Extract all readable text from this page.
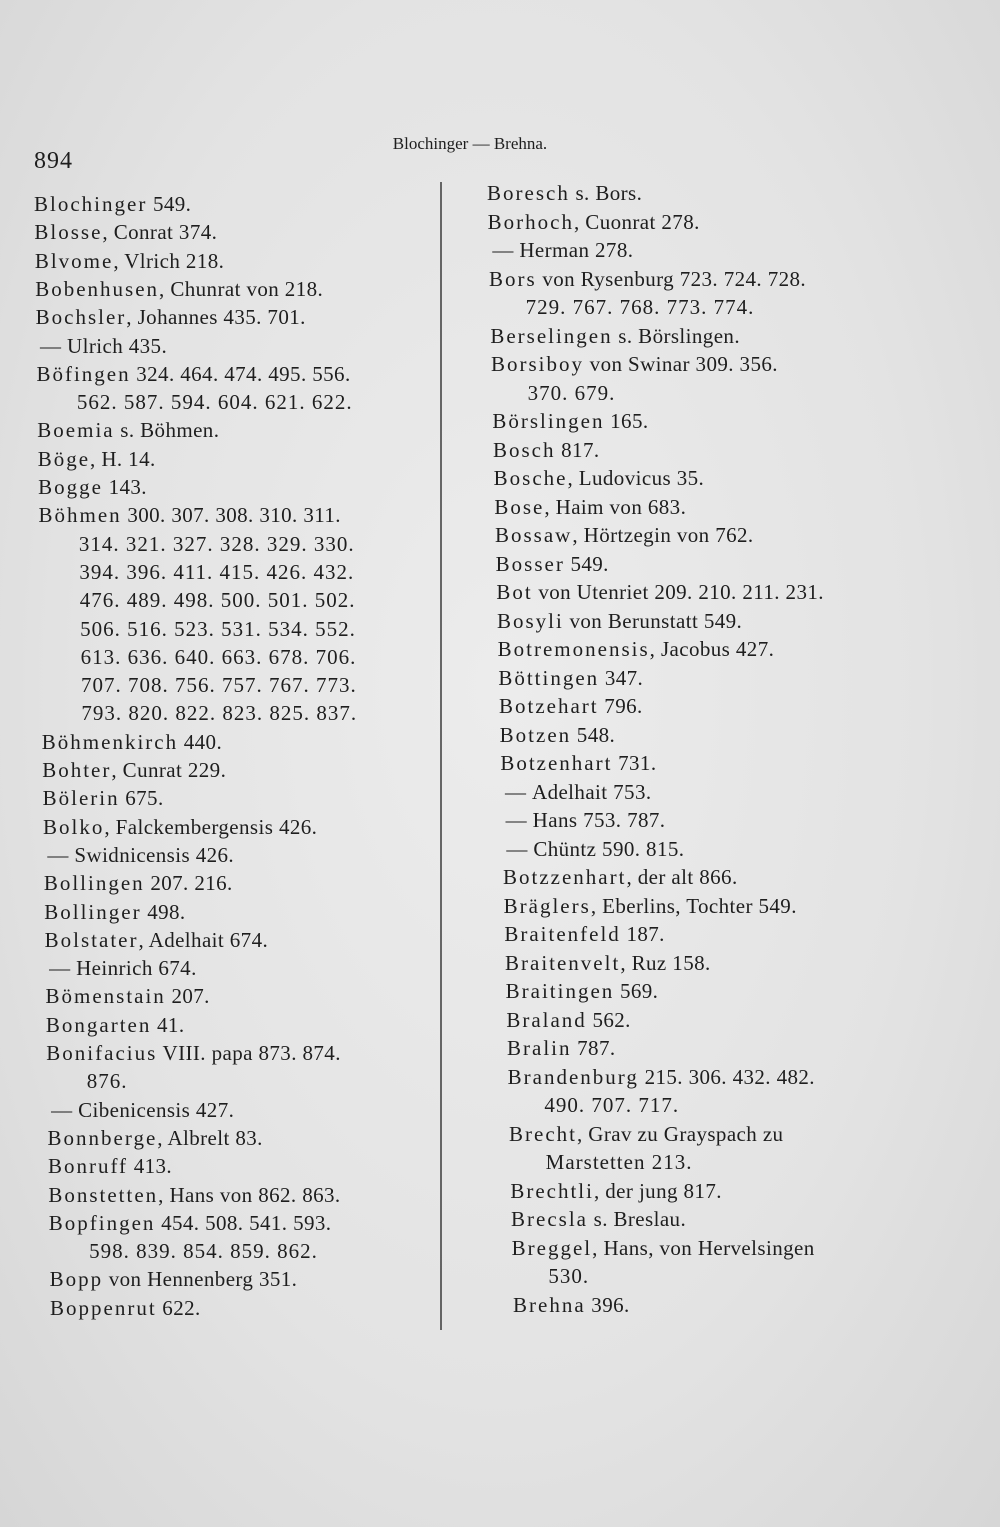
894
Blochinger — Brehna.
Blochinger 549.
Blosse, Conrat 374.
Blvome, Vlrich 218.
Bobenhusen, Chunrat von 218.
Bochsler, Johannes 435. 701.
— Ulrich 435.
Böfingen 324. 464. 474. 495. 556.
562. 587. 594. 604. 621. 622.
Boemia s. Böhmen.
Böge, H. 14.
Bogge 143.
Böhmen 300. 307. 308. 310. 311.
314. 321. 327. 328. 329. 330.
394. 396. 411. 415. 426. 432.
476. 489. 498. 500. 501. 502.
506. 516. 523. 531. 534. 552.
613. 636. 640. 663. 678. 706.
707. 708. 756. 757. 767. 773.
793. 820. 822. 823. 825. 837.
Böhmenkirch 440.
Bohter, Cunrat 229.
Bölerin 675.
Bolko, Falckembergensis 426.
— Swidnicensis 426.
Bollingen 207. 216.
Bollinger 498.
Bolstater, Adelhait 674.
— Heinrich 674.
Bömenstain 207.
Bongarten 41.
Bonifacius VIII. papa 873. 874.
876.
— Cibenicensis 427.
Bonnberge, Albrelt 83.
Bonruff 413.
Bonstetten, Hans von 862. 863.
Bopfingen 454. 508. 541. 593.
598. 839. 854. 859. 862.
Bopp von Hennenberg 351.
Boppenrut 622.
Boresch s. Bors.
Borhoch, Cuonrat 278.
— Herman 278.
Bors von Rysenburg 723. 724. 728.
729. 767. 768. 773. 774.
Berselingen s. Börslingen.
Borsiboy von Swinar 309. 356.
370. 679.
Börslingen 165.
Bosch 817.
Bosche, Ludovicus 35.
Bose, Haim von 683.
Bossaw, Hörtzegin von 762.
Bosser 549.
Bot von Utenriet 209. 210. 211. 231.
Bosyli von Berunstatt 549.
Botremonensis, Jacobus 427.
Böttingen 347.
Botzehart 796.
Botzen 548.
Botzenhart 731.
— Adelhait 753.
— Hans 753. 787.
— Chüntz 590. 815.
Botzzenhart, der alt 866.
Bräglers, Eberlins, Tochter 549.
Braitenfeld 187.
Braitenvelt, Ruz 158.
Braitingen 569.
Braland 562.
Bralin 787.
Brandenburg 215. 306. 432. 482.
490. 707. 717.
Brecht, Grav zu Grayspach zu
Marstetten 213.
Brechtli, der jung 817.
Brecsla s. Breslau.
Breggel, Hans, von Hervelsingen
530.
Brehna 396.
